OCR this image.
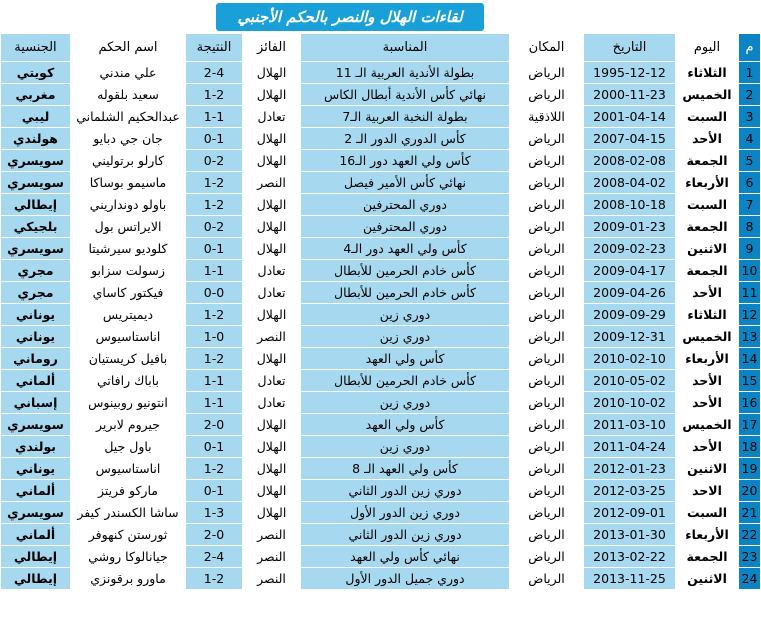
لقاءات الهلال والنصر بالحكم الأجنبي
م	اليوم	التاريخ	المكان	المناسبة	الفائز	النتيجة	اسم الحكم	الجنسية
1	الثلاثاء	1995-12-12	الرياض	بطولة الأندية العربية الـ 11	الهلال	2-4	علي مندني	كويتي
2	الخميس	2000-11-23	الرياض	نهائي كأس الأندية أبطال الكاس	الهلال	1-2	سعيد بلقوله	مغربي
3	السبت	2001-04-14	اللاذقية	بطولة النخبة العربية الـ7	تعادل	1-1	عبدالحكيم الشلماني	ليبي
4	الأحد	2007-04-15	الرياض	كأس الدوري الدور الـ 2	الهلال	0-1	جان جي دبايو	هولندي
5	الجمعة	2008-02-08	الرياض	كأس ولي العهد دور الـ16	الهلال	0-2	كارلو برتوليني	سويسري
6	الأربعاء	2008-04-02	الرياض	نهائي كأس الأمير فيصل	النصر	1-2	ماسيمو بوساكا	سويسري
7	السبت	2008-10-18	الرياض	دوري المحترفين	الهلال	1-2	باولو دونداريني	إيطالي
8	الجمعة	2009-01-23	الرياض	دوري المحترفين	الهلال	0-2	الايراتس بول	بلجيكي
9	الاثنين	2009-02-23	الرياض	كأس ولي العهد دور الـ4	الهلال	0-1	كلوديو سيرشيتا	سويسري
10	الجمعة	2009-04-17	الرياض	كأس خادم الحرمين للأبطال	تعادل	1-1	زسولت سزابو	مجري
11	الأحد	2009-04-26	الرياض	كأس خادم الحرمين للأبطال	تعادل	0-0	فيكتور كاساي	مجري
12	الثلاثاء	2009-09-29	الرياض	دوري زين	الهلال	1-2	ديميتريس	يوناني
13	الخميس	2009-12-31	الرياض	دوري زين	النصر	1-0	اناستاسيوس	يوناني
14	الأربعاء	2010-02-10	الرياض	كأس ولي العهد	الهلال	1-2	بافيل كريستيان	روماني
15	الأحد	2010-05-02	الرياض	كأس خادم الحرمين للأبطال	تعادل	1-1	باباك رافاتي	ألماني
16	الأحد	2010-10-02	الرياض	دوري زين	تعادل	1-1	انتونيو روبينوس	إسباني
17	الخميس	2011-03-10	الرياض	كأس ولي العهد	الهلال	2-0	جيروم لابرير	سويسري
18	الأحد	2011-04-24	الرياض	دوري زين	الهلال	0-1	باول جيل	بولندي
19	الاثنين	2012-01-23	الرياض	كأس ولي العهد الـ 8	الهلال	1-2	اناستاسيوس	يوناني
20	الاحد	2012-03-25	الرياض	دوري زين الدور الثاني	الهلال	0-1	ماركو فريتز	ألماني
21	السبت	2012-09-01	الرياض	دوري زين الدور الأول	الهلال	1-3	ساشا الكسندر كيفر	سويسري
22	الأربعاء	2013-01-30	الرياض	دوري زين الدور الثاني	النصر	2-0	ثورستن كنهوفر	ألماني
23	الجمعة	2013-02-22	الرياض	نهائي كأس ولي العهد	النصر	2-4	جيانالوكا روشي	إيطالي
24	الاثنين	2013-11-25	الرياض	دوري جميل الدور الأول	النصر	1-2	ماورو برقونزي	إيطالي
